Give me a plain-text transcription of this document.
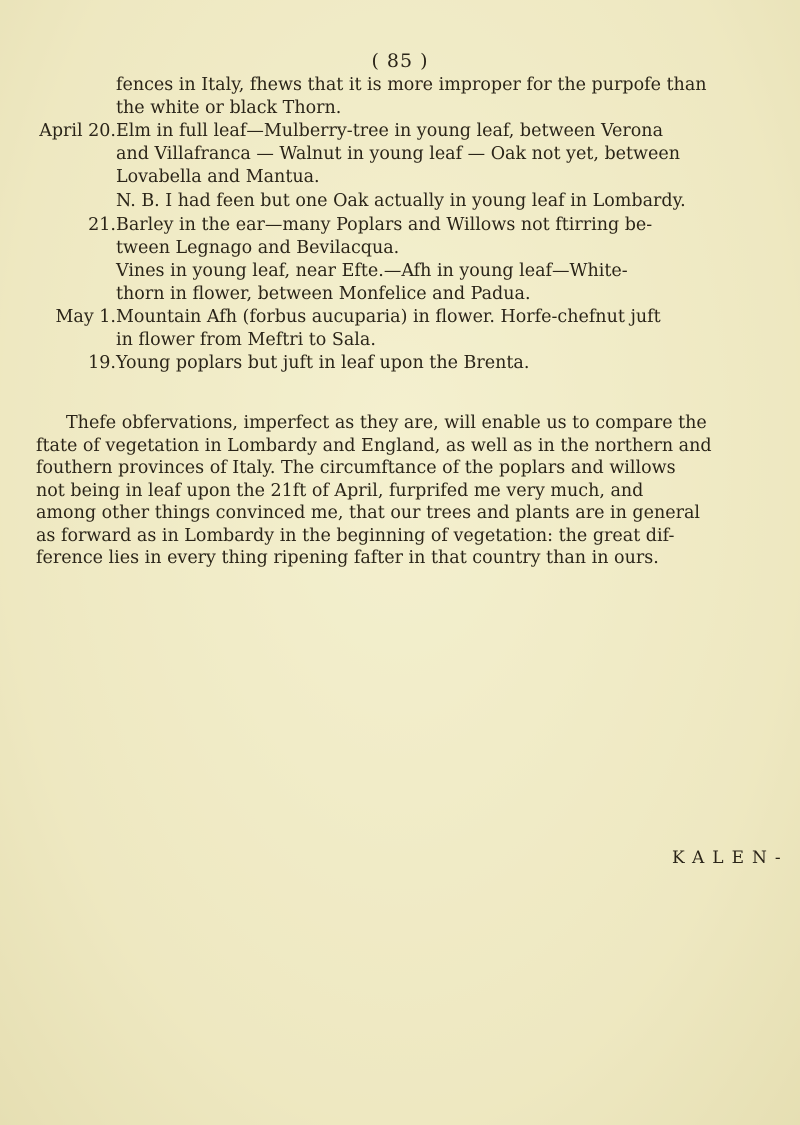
( 85 )
fences in Italy, fhews that it is more improper for the purpofe than
the white or black Thorn.
April 20. Elm in full leaf—Mulberry-tree in young leaf, between Verona
and Villafranca — Walnut in young leaf — Oak not yet, between
Lovabella and Mantua.
N. B. I had feen but one Oak actually in young leaf in Lombardy.
21. Barley in the ear—many Poplars and Willows not ftirring be-
tween Legnago and Bevilacqua.
Vines in young leaf, near Efte.—Afh in young leaf—White-
thorn in flower, between Monfelice and Padua.
May 1. Mountain Afh (forbus aucuparia) in flower. Horfe-chefnut juft
in flower from Meftri to Sala.
19. Young poplars but juft in leaf upon the Brenta.
Thefe obfervations, imperfect as they are, will enable us to compare the
ftate of vegetation in Lombardy and England, as well as in the northern and
fouthern provinces of Italy. The circumftance of the poplars and willows
not being in leaf upon the 21ft of April, furprifed me very much, and
among other things convinced me, that our trees and plants are in general
as forward as in Lombardy in the beginning of vegetation: the great dif-
ference lies in every thing ripening fafter in that country than in ours.
KALEN-
